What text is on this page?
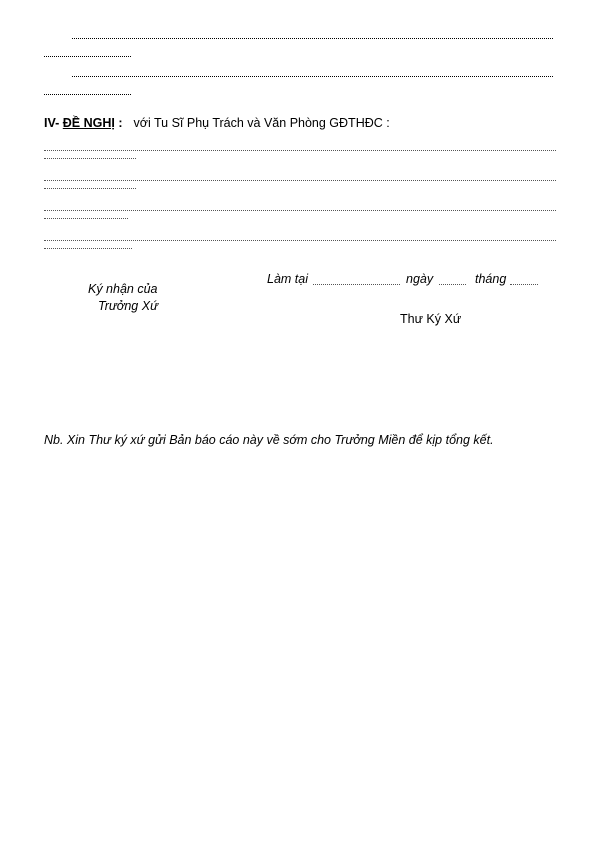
IV- ĐỀ NGHỊ : với Tu Sĩ Phụ Trách và Văn Phòng GĐTHĐC :
Ký nhận của
Trưởng Xứ
Làm tại	ngày	tháng
Thư Ký Xứ
Nb. Xin Thư ký xứ gửi Bản báo cáo này về sớm cho Trưởng Miền để kịp tổng kết.
